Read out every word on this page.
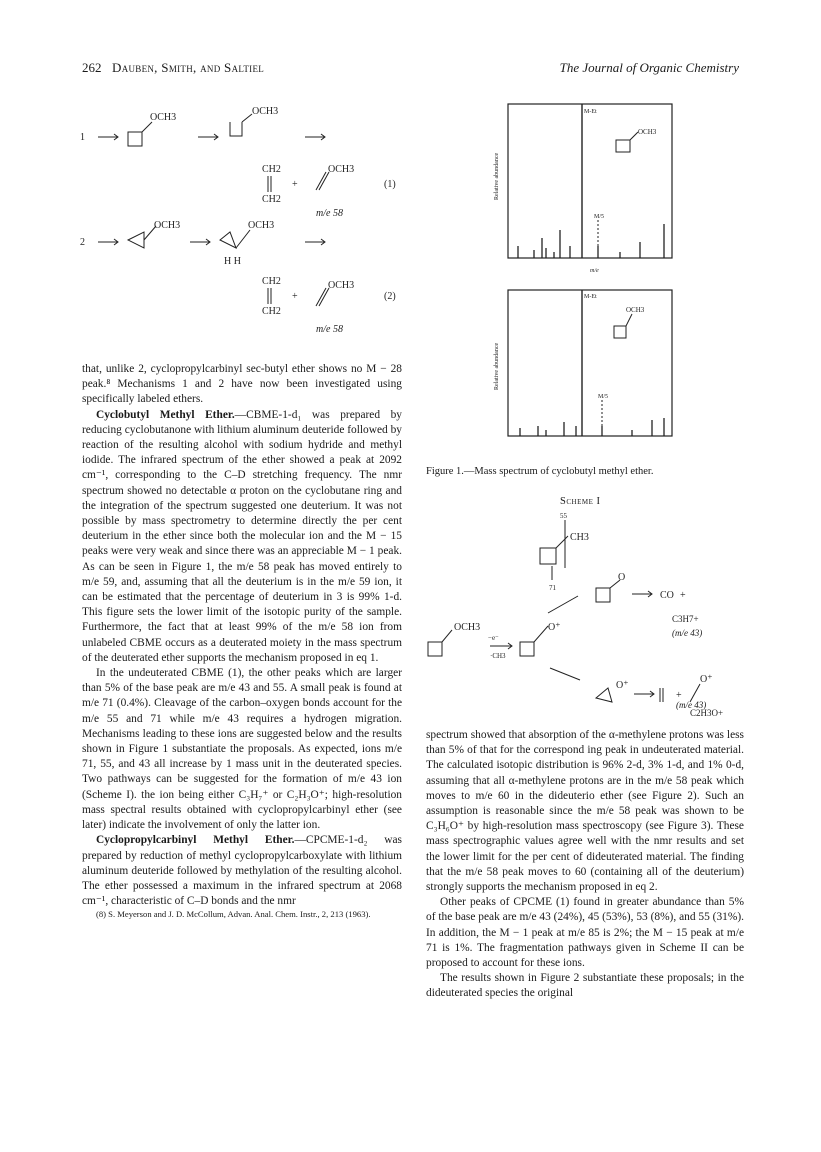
262 Dauben, Smith, and Saltiel	The Journal of Organic Chemistry
1
OCH3
OCH3
CH2
CH2
+
OCH3
(1)
m/e 58
2
OCH3	OCH3
H H
CH2
CH2
+
OCH3
(2)
m/e 58

that, unlike 2, cyclopropylcarbinyl sec-butyl ether shows no M − 28 peak.⁸ Mechanisms 1 and 2 have now been investigated using specifically labeled ethers.

Cyclobutyl Methyl Ether.—CBME-1-d₁ was prepared by reducing cyclobutanone with lithium aluminum deuteride followed by reaction of the resulting alcohol with sodium hydride and methyl iodide. The infrared spectrum of the ether showed a peak at 2092 cm⁻¹, corresponding to the C–D stretching frequency. The nmr spectrum showed no detectable α proton on the cyclobutane ring and the integration of the spectrum suggested one deuterium. It was not possible by mass spectrometry to determine directly the per cent deuterium in the ether since both the molecular ion and the M − 15 peaks were very weak and since there was an appreciable M − 1 peak. As can be seen in Figure 1, the m/e 58 peak has moved entirely to m/e 59, and, assuming that all the deuterium is in the m/e 59 ion, it can be estimated that the percentage of deuterium in 3 is 99% 1-d. This figure sets the lower limit of the isotopic purity of the sample. Furthermore, the fact that at least 99% of the m/e 58 ion from unlabeled CBME occurs as a deuterated moiety in the mass spectrum of the deuterated ether supports the mechanism proposed in eq 1.

In the undeuterated CBME (1), the other peaks which are larger than 5% of the base peak are m/e 43 and 55. A small peak is found at m/e 71 (0.4%). Cleavage of the carbon–oxygen bonds account for the m/e 55 and 71 while m/e 43 requires a hydrogen migration. Mechanisms leading to these ions are suggested below and the results shown in Figure 1 substantiate the proposals. As expected, ions m/e 71, 55, and 43 all increase by 1 mass unit in the deuterated species. Two pathways can be suggested for the formation of m/e 43 ion (Scheme I). the ion being either C₃H₇⁺ or C₂H₃O⁺; high-resolution mass spectral results obtained with cyclopropylcarbinyl ether (see later) indicate the involvement of only the latter ion.

Cyclopropylcarbinyl Methyl Ether.—CPCME-1-d₂ was prepared by reduction of methyl cyclopropylcarboxylate with lithium aluminum deuteride followed by methylation of the resulting alcohol. The ether possessed a maximum in the infrared spectrum at 2068 cm⁻¹, characteristic of C–D bonds and the nmr

(8) S. Meyerson and J. D. McCollum, Advan. Anal. Chem. Instr., 2, 213 (1963).

OCH3
M-Et
M/5
Relative abundance
m/e
OCH3
M-Et
M/5
Relative abundance
Figure 1.—Mass spectrum of cyclobutyl methyl ether.
Scheme I
55
CH3
71
OCH3
−e⁻
·CH3
O⁺
O
CO +
C3H7+
(m/e 43)
O⁺
+
O⁺
C2H3O+
(m/e 43)

spectrum showed that absorption of the α-methylene protons was less than 5% of that for the correspond ing peak in undeuterated material. The calculated isotopic distribution is 96% 2-d, 3% 1-d, and 1% 0-d, assuming that all α-methylene protons are in the m/e 58 peak which moves to m/e 60 in the dideuterio ether (see Figure 2). Such an assumption is reasonable since the m/e 58 peak was shown to be C₃H₆O⁺ by high-resolution mass spectroscopy (see Figure 3). These mass spectrographic values agree well with the nmr results and set the lower limit for the per cent of dideuterated material. The finding that the m/e 58 peak moves to 60 (containing all of the deuterium) strongly supports the mechanism proposed in eq 2.

Other peaks of CPCME (1) found in greater abundance than 5% of the base peak are m/e 43 (24%), 45 (53%), 53 (8%), and 55 (31%). In addition, the M − 1 peak at m/e 85 is 2%; the M − 15 peak at m/e 71 is 1%. The fragmentation pathways given in Scheme II can be proposed to account for these ions.

The results shown in Figure 2 substantiate these proposals; in the dideuterated species the original
